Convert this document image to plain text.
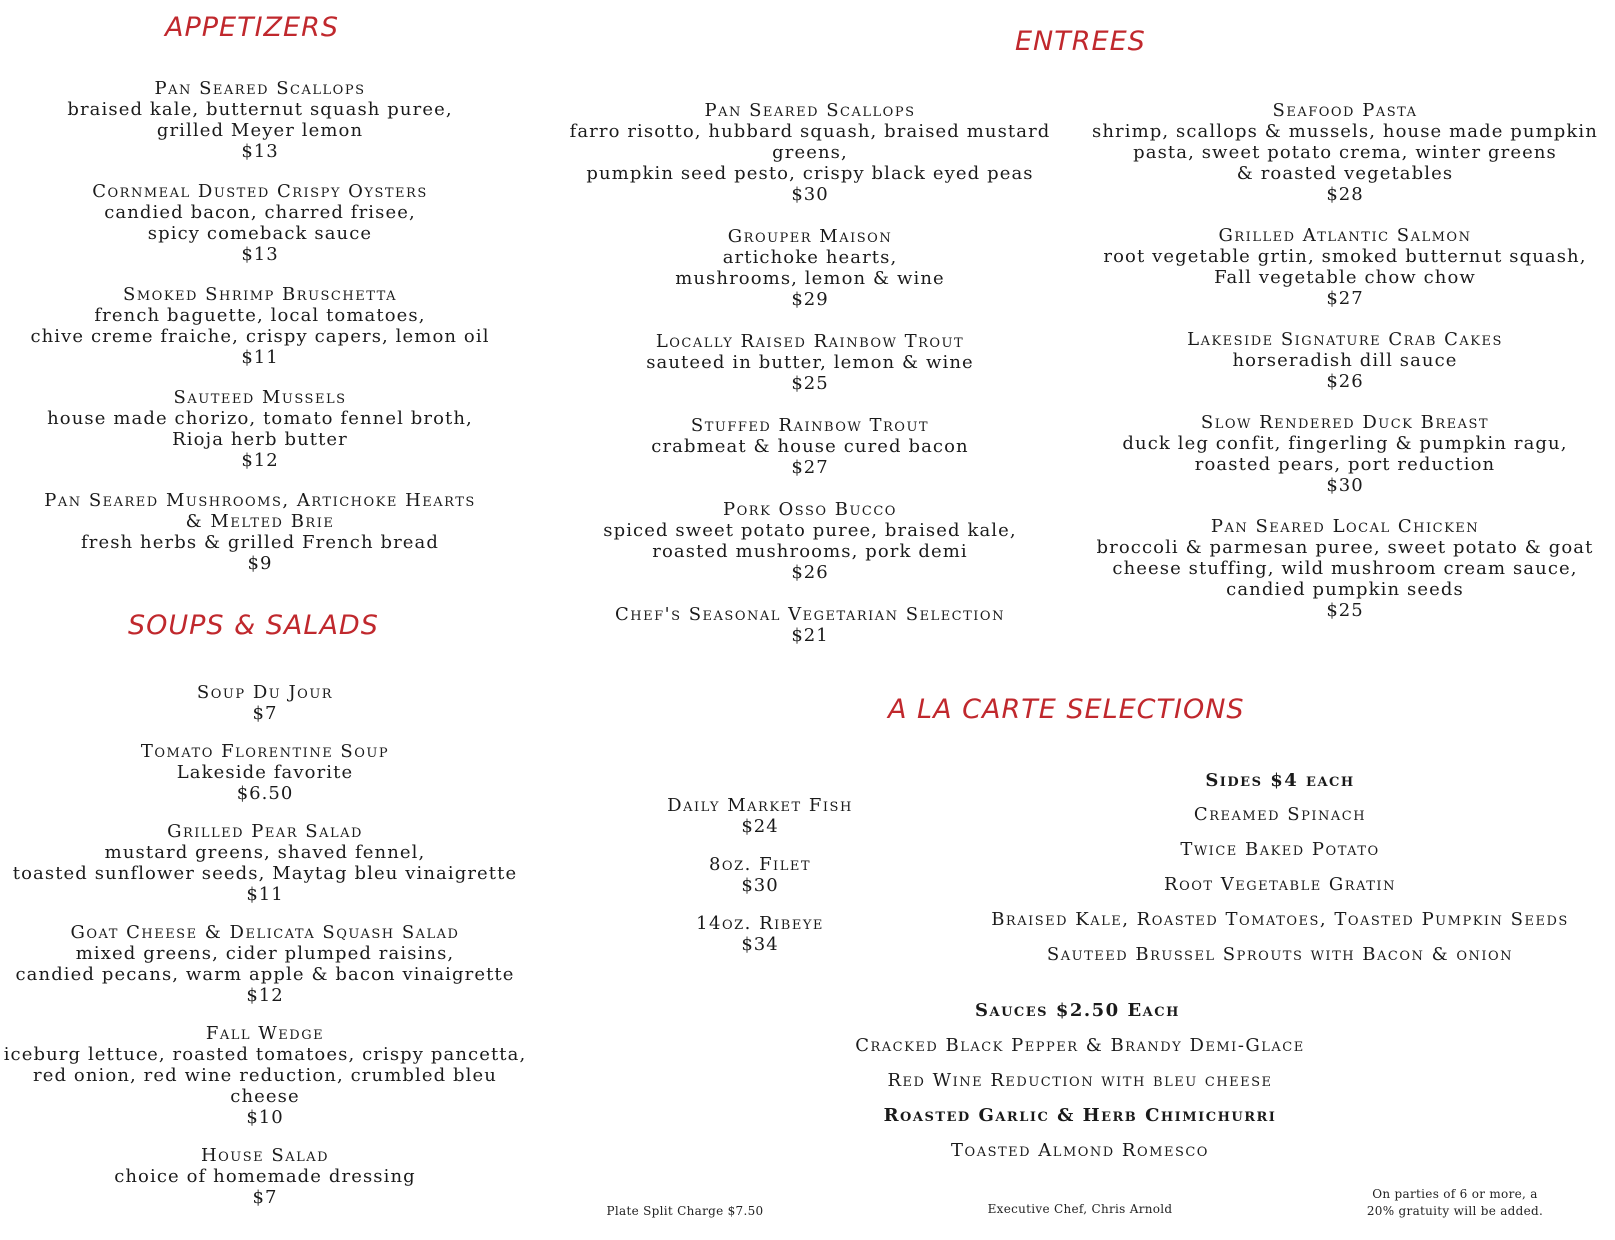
APPETIZERS
SOUPS & SALADS
ENTREES
A LA CARTE SELECTIONS
Pan Seared Scallops
braised kale, butternut squash puree,
grilled Meyer lemon
$13
Cornmeal Dusted Crispy Oysters
candied bacon, charred frisee,
spicy comeback sauce
$13
Smoked Shrimp Bruschetta
french baguette, local tomatoes,
chive creme fraiche, crispy capers, lemon oil
$11
Sauteed Mussels
house made chorizo, tomato fennel broth,
Rioja herb butter
$12
Pan Seared Mushrooms, Artichoke Hearts
& Melted Brie
fresh herbs & grilled French bread
$9
Soup Du Jour
$7
Tomato Florentine Soup
Lakeside favorite
$6.50
Grilled Pear Salad
mustard greens, shaved fennel,
toasted sunflower seeds, Maytag bleu vinaigrette
$11
Goat Cheese & Delicata Squash Salad
mixed greens, cider plumped raisins,
candied pecans, warm apple & bacon vinaigrette
$12
Fall Wedge
iceburg lettuce, roasted tomatoes, crispy pancetta,
red onion, red wine reduction, crumbled bleu cheese
$10
House Salad
choice of homemade dressing
$7
Pan Seared Scallops
farro risotto, hubbard squash, braised mustard
greens,
pumpkin seed pesto, crispy black eyed peas
$30
Grouper Maison
artichoke hearts,
mushrooms, lemon & wine
$29
Locally Raised Rainbow Trout
sauteed in butter, lemon & wine
$25
Stuffed Rainbow Trout
crabmeat & house cured bacon
$27
Pork Osso Bucco
spiced sweet potato puree, braised kale,
roasted mushrooms, pork demi
$26
Chef's Seasonal Vegetarian Selection
$21
Seafood Pasta
shrimp, scallops & mussels, house made pumpkin
pasta, sweet potato crema, winter greens
& roasted vegetables
$28
Grilled Atlantic Salmon
root vegetable grtin, smoked butternut squash,
Fall vegetable chow chow
$27
Lakeside Signature Crab Cakes
horseradish dill sauce
$26
Slow Rendered Duck Breast
duck leg confit, fingerling & pumpkin ragu,
roasted pears, port reduction
$30
Pan Seared Local Chicken
broccoli & parmesan puree, sweet potato & goat
cheese stuffing, wild mushroom cream sauce,
candied pumpkin seeds
$25
Daily Market Fish
$24
8oz. Filet
$30
14oz. Ribeye
$34
Sides $4 each
Creamed Spinach
Twice Baked Potato
Root Vegetable Gratin
Braised Kale, Roasted Tomatoes, Toasted Pumpkin Seeds
Sauteed Brussel Sprouts with Bacon & onion
Cracked Black Pepper & Brandy Demi-Glace
Red Wine Reduction with bleu cheese
Roasted Garlic & Herb Chimichurri
Toasted Almond Romesco
Sauces $2.50 Each
Plate Split Charge $7.50	Executive Chef, Chris Arnold
On parties of 6 or more, a
20% gratuity will be added.
